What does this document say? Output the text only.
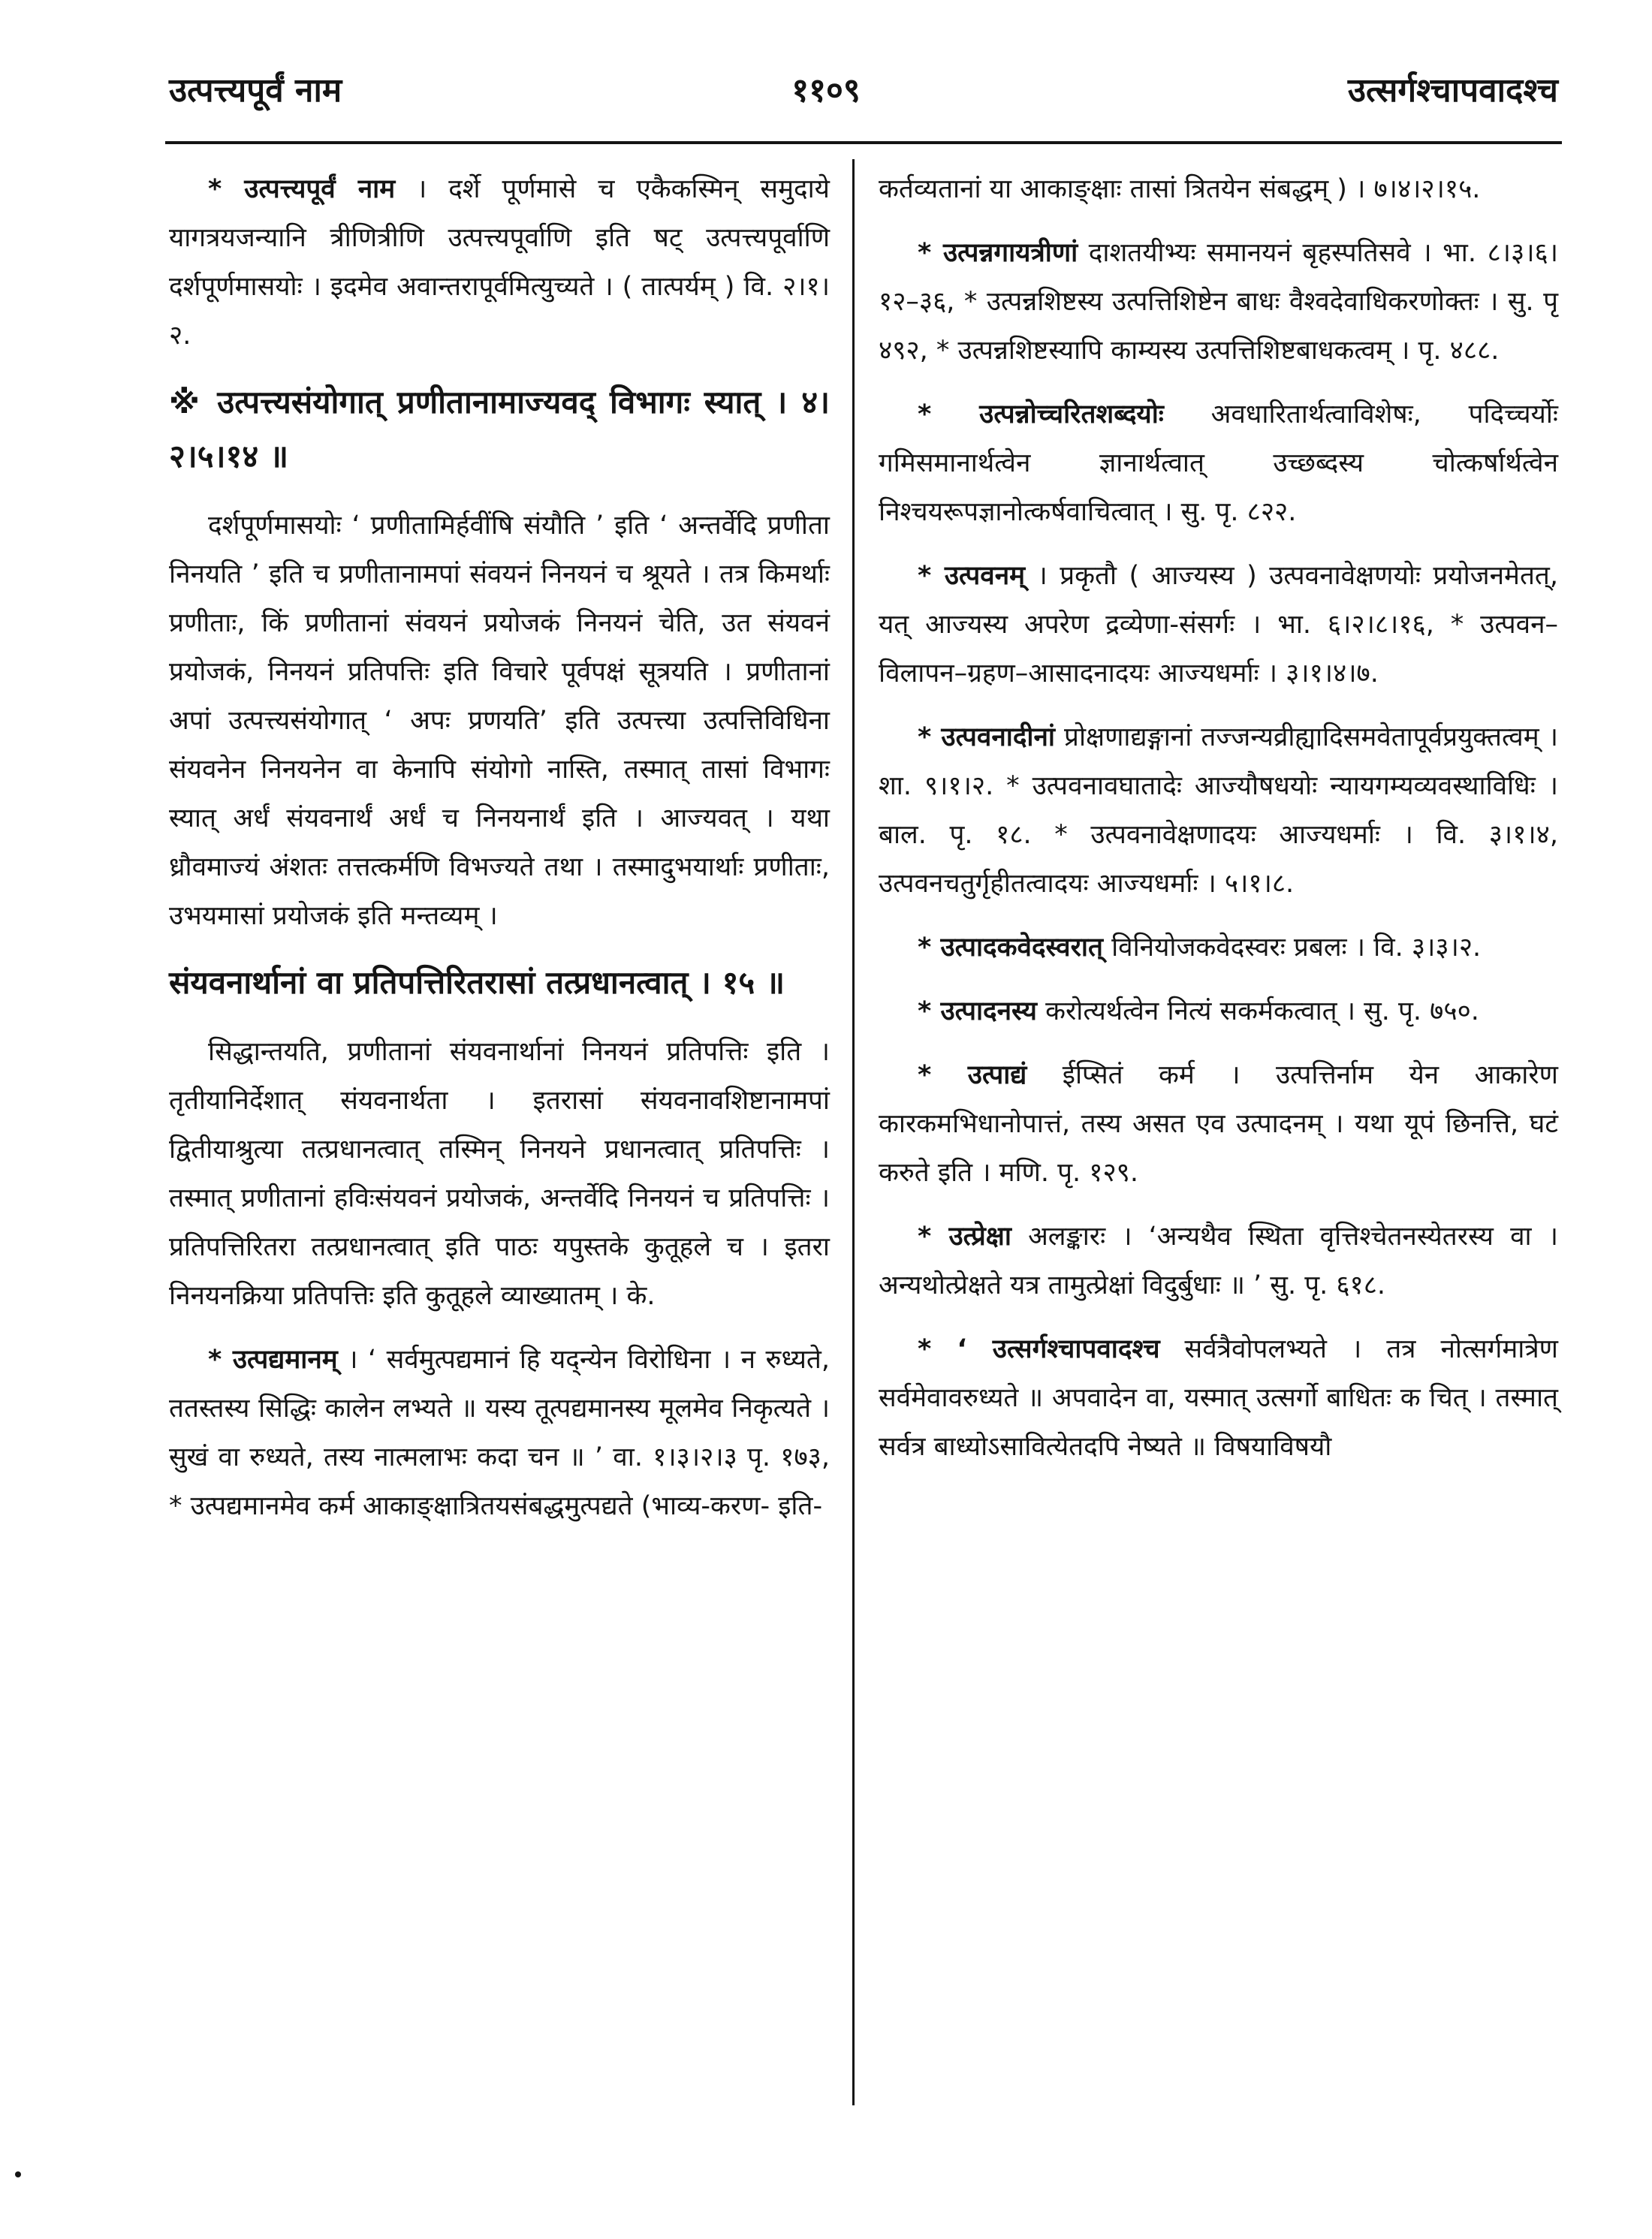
उत्पत्त्यपूर्वं नाम	११०९	उत्सर्गश्चापवादश्च

* उत्पत्त्यपूर्वं नाम । दर्शे पूर्णमासे च एकैकस्मिन् समुदाये यागत्रयजन्यानि त्रीणित्रीणि उत्पत्त्यपूर्वाणि इति षट् उत्पत्त्यपूर्वाणि दर्शपूर्णमासयोः । इदमेव अवान्तरापूर्वमित्युच्यते । ( तात्पर्यम् ) वि. २।१।२.

※ उत्पत्त्यसंयोगात् प्रणीतानामाज्यवद् विभागः स्यात् । ४।२।५।१४ ॥

दर्शपूर्णमासयोः ‘ प्रणीतामिर्हवींषि संयौति ’ इति ‘ अन्तर्वेदि प्रणीता निनयति ’ इति च प्रणीतानामपां संवयनं निनयनं च श्रूयते । तत्र किमर्थाः प्रणीताः, किं प्रणीतानां संवयनं प्रयोजकं निनयनं चेति, उत संयवनं प्रयोजकं, निनयनं प्रतिपत्तिः इति विचारे पूर्वपक्षं सूत्रयति । प्रणीतानां अपां उत्पत्त्यसंयोगात् ‘ अपः प्रणयति’ इति उत्पत्त्या उत्पत्तिविधिना संयवनेन निनयनेन वा केनापि संयोगो नास्ति, तस्मात् तासां विभागः स्यात् अर्धं संयवनार्थं अर्धं च निनयनार्थं इति । आज्यवत् । यथा ध्रौवमाज्यं अंशतः तत्तत्कर्मणि विभज्यते तथा । तस्मादुभयार्थाः प्रणीताः, उभयमासां प्रयोजकं इति मन्तव्यम् ।

संयवनार्थानां वा प्रतिपत्तिरितरासां तत्प्रधानत्वात् । १५ ॥

सिद्धान्तयति, प्रणीतानां संयवनार्थानां निनयनं प्रतिपत्तिः इति । तृतीयानिर्देशात् संयवनार्थता । इतरासां संयवनावशिष्टानामपां द्वितीयाश्रुत्या तत्प्रधानत्वात् तस्मिन् निनयने प्रधानत्वात् प्रतिपत्तिः । तस्मात् प्रणीतानां हविःसंयवनं प्रयोजकं, अन्तर्वेदि निनयनं च प्रतिपत्तिः । प्रतिपत्तिरितरा तत्प्रधानत्वात् इति पाठः यपुस्तके कुतूहले च । इतरा निनयनक्रिया प्रतिपत्तिः इति कुतूहले व्याख्यातम् । के.

* उत्पद्यमानम् । ‘ सर्वमुत्पद्यमानं हि यद्न्येन विरोधिना । न रुध्यते, ततस्तस्य सिद्धिः कालेन लभ्यते ॥ यस्य तूत्पद्यमानस्य मूलमेव निकृत्यते । सुखं वा रुध्यते, तस्य नात्मलाभः कदा चन ॥ ’ वा. १।३।२।३ पृ. १७३, * उत्पद्यमानमेव कर्म आकाङ्क्षात्रितयसंबद्धमुत्पद्यते (भाव्य-करण- इति-

कर्तव्यतानां या आकाङ्क्षाः तासां त्रितयेन संबद्धम् ) । ७।४।२।१५.

* उत्पन्नगायत्रीणां दाशतयीभ्यः समानयनं बृहस्पतिसवे । भा. ८।३।६।१२–३६, * उत्पन्नशिष्टस्य उत्पत्तिशिष्टेन बाधः वैश्वदेवाधिकरणोक्तः । सु. पृ ४९२, * उत्पन्नशिष्टस्यापि काम्यस्य उत्पत्तिशिष्टबाधकत्वम् । पृ. ४८८.

* उत्पन्नोच्चरितशब्दयोः अवधारितार्थत्वाविशेषः, पदिच्चर्योः गमिसमानार्थत्वेन ज्ञानार्थत्वात् उच्छब्दस्य चोत्कर्षार्थत्वेन निश्चयरूपज्ञानोत्कर्षवाचित्वात् । सु. पृ. ८२२.

* उत्पवनम् । प्रकृतौ ( आज्यस्य ) उत्पवनावेक्षणयोः प्रयोजनमेतत्, यत् आज्यस्य अपरेण द्रव्येणा-संसर्गः । भा. ६।२।८।१६, * उत्पवन–विलापन–ग्रहण–आसादनादयः आज्यधर्माः । ३।१।४।७.

* उत्पवनादीनां प्रोक्षणाद्यङ्गानां तज्जन्यव्रीह्यादिसमवेतापूर्वप्रयुक्तत्वम् । शा. ९।१।२. * उत्पवनावघातादेः आज्यौषधयोः न्यायगम्यव्यवस्थाविधिः । बाल. पृ. १८. * उत्पवनावेक्षणादयः आज्यधर्माः । वि. ३।१।४, उत्पवनचतुर्गृहीतत्वादयः आज्यधर्माः । ५।१।८.

* उत्पादकवेदस्वरात् विनियोजकवेदस्वरः प्रबलः । वि. ३।३।२.

* उत्पादनस्य करोत्यर्थत्वेन नित्यं सकर्मकत्वात् । सु. पृ. ७५०.

* उत्पाद्यं ईप्सितं कर्म । उत्पत्तिर्नाम येन आकारेण कारकमभिधानोपात्तं, तस्य असत एव उत्पादनम् । यथा यूपं छिनत्ति, घटं करुते इति । मणि. पृ. १२९.

* उत्प्रेक्षा अलङ्कारः । ‘अन्यथैव स्थिता वृत्तिश्चेतनस्येतरस्य वा । अन्यथोत्प्रेक्षते यत्र तामुत्प्रेक्षां विदुर्बुधाः ॥ ’ सु. पृ. ६१८.

* ‘ उत्सर्गश्चापवादश्च सर्वत्रैवोपलभ्यते । तत्र नोत्सर्गमात्रेण सर्वमेवावरुध्यते ॥ अपवादेन वा, यस्मात् उत्सर्गो बाधितः क चित् । तस्मात् सर्वत्र बाध्योऽसावित्येतदपि नेष्यते ॥ विषयाविषयौ
